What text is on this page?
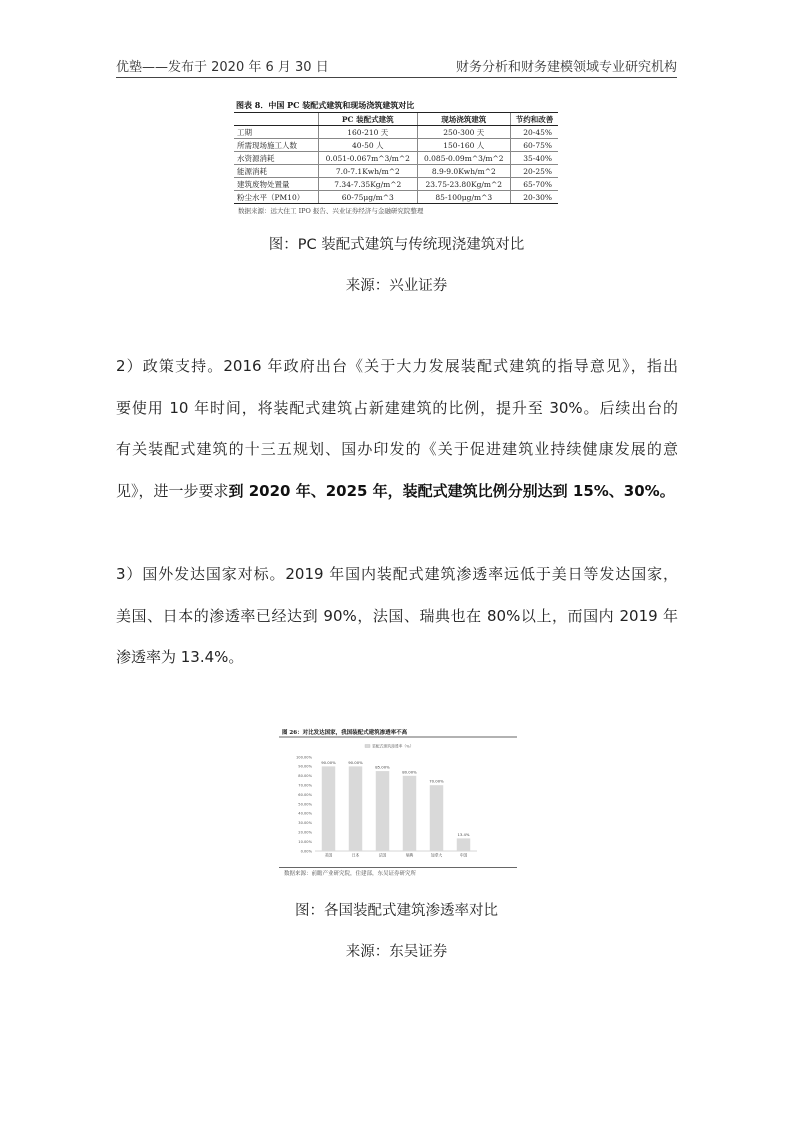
优塾——发布于 2020 年 6 月 30 日	财务分析和财务建模领域专业研究机构
图表 8．中国 PC 装配式建筑和现场浇筑建筑对比
	PC 装配式建筑	现场浇筑建筑	节约和改善
工期	160-210 天	250-300 天	20-45%
所需现场施工人数	40-50 人	150-160 人	60-75%
水资源消耗	0.051-0.067m^3/m^2	0.085-0.09m^3/m^2	35-40%
能源消耗	7.0-7.1Kwh/m^2	8.9-9.0Kwh/m^2	20-25%
建筑废物处置量	7.34-7.35Kg/m^2	23.75-23.80Kg/m^2	65-70%
粉尘水平（PM10）	60-75μg/m^3	85-100μg/m^3	20-30%
数据来源：远大住工 IPO 报告、兴业证券经济与金融研究院整理
图：PC 装配式建筑与传统现浇建筑对比
来源：兴业证券
2）政策支持。2016 年政府出台《关于大力发展装配式建筑的指导意见》，指出
要使用 10 年时间，将装配式建筑占新建建筑的比例，提升至 30%。后续出台的
有关装配式建筑的十三五规划、国办印发的《关于促进建筑业持续健康发展的意
见》，进一步要求到 2020 年、2025 年，装配式建筑比例分别达到 15%、30%。
3）国外发达国家对标。2019 年国内装配式建筑渗透率远低于美日等发达国家，
美国、日本的渗透率已经达到 90%，法国、瑞典也在 80%以上，而国内 2019 年
渗透率为 13.4%。
图 26：对比发达国家，我国装配式建筑渗透率不高
装配式建筑渗透率（%）
100.00%
90.00%
80.00%
70.00%
60.00%
50.00%
40.00%
30.00%
20.00%
10.00%
0.00%
90.00%	90.00%
85.00%
80.00%
70.00%
13.4%
美国	日本	法国	瑞典	加拿大	中国
数据来源：前瞻产业研究院，住建部，东吴证券研究所
图：各国装配式建筑渗透率对比
来源：东吴证券
